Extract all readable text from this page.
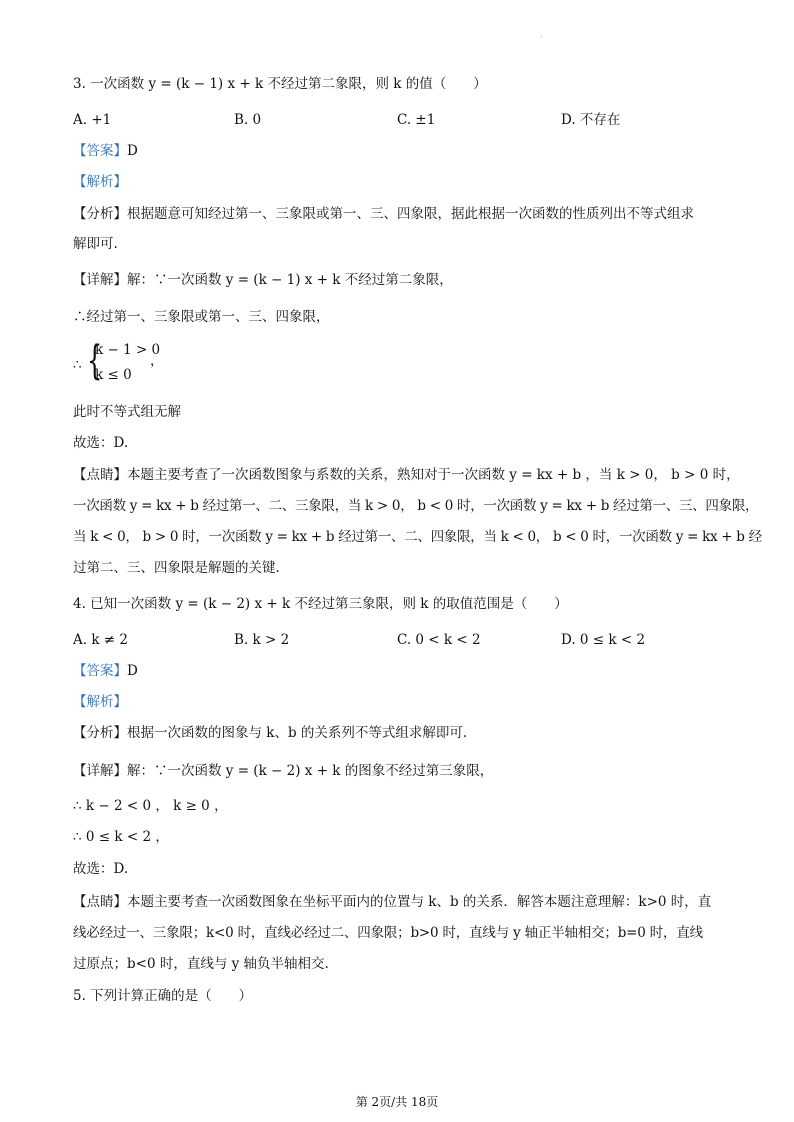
·
3. 一次函数 y = (k − 1) x + k 不经过第二象限，则 k 的值（　　）
A. +1	B. 0	C. ±1	D. 不存在
【答案】D
【解析】
【分析】根据题意可知经过第一、三象限或第一、三、四象限，据此根据一次函数的性质列出不等式组求
解即可.
【详解】解：∵一次函数 y = (k − 1) x + k 不经过第二象限，
∴经过第一、三象限或第一、三、四象限，
∴ {
k − 1 > 0
k ≤ 0
，
此时不等式组无解
故选：D.
【点睛】本题主要考查了一次函数图象与系数的关系，熟知对于一次函数 y = kx + b ，当 k > 0， b > 0 时，
一次函数 y = kx + b 经过第一、二、三象限，当 k > 0， b < 0 时，一次函数 y = kx + b 经过第一、三、四象限，
当 k < 0， b > 0 时，一次函数 y = kx + b 经过第一、二、四象限，当 k < 0， b < 0 时，一次函数 y = kx + b 经
过第二、三、四象限是解题的关键.
4. 已知一次函数 y = (k − 2) x + k 不经过第三象限，则 k 的取值范围是（　　）
A. k ≠ 2	B. k > 2	C. 0 < k < 2	D. 0 ≤ k < 2
【答案】D
【解析】
【分析】根据一次函数的图象与 k、b 的关系列不等式组求解即可.
【详解】解：∵一次函数 y = (k − 2) x + k 的图象不经过第三象限，
∴ k − 2 < 0 ， k ≥ 0 ，
∴ 0 ≤ k < 2 ，
故选：D.
【点睛】本题主要考查一次函数图象在坐标平面内的位置与 k、b 的关系．解答本题注意理解：k>0 时，直
线必经过一、三象限；k<0 时，直线必经过二、四象限；b>0 时，直线与 y 轴正半轴相交；b=0 时，直线
过原点；b<0 时，直线与 y 轴负半轴相交.
5. 下列计算正确的是（　　）
第 2页/共 18页
